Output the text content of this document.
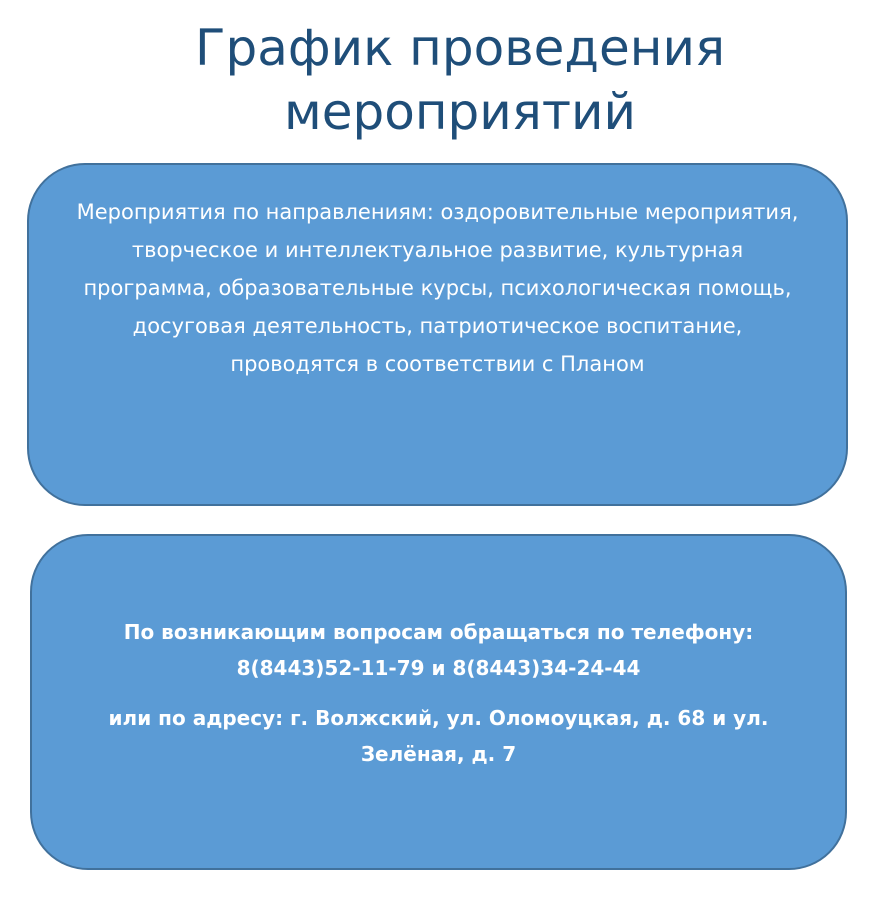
График проведения
мероприятий

Мероприятия по направлениям: оздоровительные мероприятия, творческое и интеллектуальное развитие, культурная программа, образовательные курсы, психологическая помощь, досуговая деятельность, патриотическое воспитание, проводятся в соответствии с Планом

По возникающим вопросам обращаться по телефону: 8(8443)52-11-79 и 8(8443)34-24-44

или по адресу: г. Волжский, ул. Оломоуцкая, д. 68 и ул. Зелёная, д. 7
